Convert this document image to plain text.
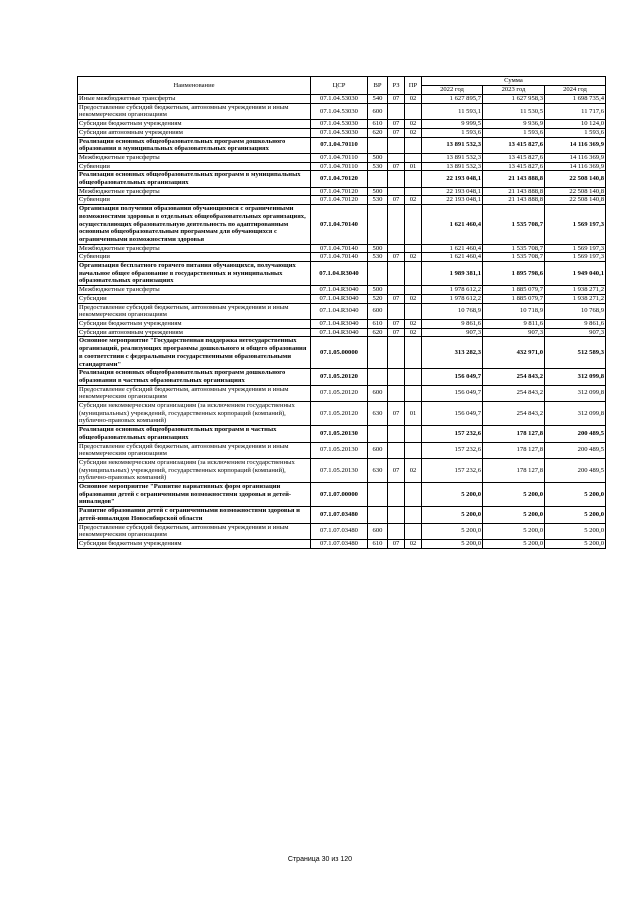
Наименование	ЦСР	ВР	РЗ	ПР	Сумма		
					2022 год	2023 год	2024 год
Иные межбюджетные трансферты	07.1.04.53030	540	07	02	1 627 895,7	1 627 958,3	1 698 735,4
Предоставление субсидий бюджетным, автономным учреждениям и иным некоммерческим организациям	07.1.04.53030	600			11 593,1	11 530,5	11 717,6
Субсидии бюджетным учреждениям	07.1.04.53030	610	07	02	9 999,5	9 936,9	10 124,0
Субсидии автономным учреждениям	07.1.04.53030	620	07	02	1 593,6	1 593,6	1 593,6
Реализация основных общеобразовательных программ дошкольного образования в муниципальных образовательных организациях	07.1.04.70110				13 891 532,3	13 415 827,6	14 116 369,9
Межбюджетные трансферты	07.1.04.70110	500			13 891 532,3	13 415 827,6	14 116 369,9
Субвенции	07.1.04.70110	530	07	01	13 891 532,3	13 415 827,6	14 116 369,9
Реализация основных общеобразовательных программ в муниципальных общеобразовательных организациях	07.1.04.70120				22 193 048,1	21 143 888,8	22 508 140,8
Межбюджетные трансферты	07.1.04.70120	500			22 193 048,1	21 143 888,8	22 508 140,8
Субвенции	07.1.04.70120	530	07	02	22 193 048,1	21 143 888,8	22 508 140,8
Организация получения образования обучающимися с ограниченными возможностями здоровья в отдельных общеобразовательных организациях, осуществляющих образовательную деятельность по адаптированным основным общеобразовательным программам для обучающихся с ограниченными возможностями здоровья	07.1.04.70140				1 621 460,4	1 535 708,7	1 569 197,3
Межбюджетные трансферты	07.1.04.70140	500			1 621 460,4	1 535 708,7	1 569 197,3
Субвенции	07.1.04.70140	530	07	02	1 621 460,4	1 535 708,7	1 569 197,3
Организация бесплатного горячего питания обучающихся, получающих начальное общее образование в государственных и муниципальных образовательных организациях	07.1.04.R3040				1 989 381,1	1 895 798,6	1 949 040,1
Межбюджетные трансферты	07.1.04.R3040	500			1 978 612,2	1 885 079,7	1 938 271,2
Субсидии	07.1.04.R3040	520	07	02	1 978 612,2	1 885 079,7	1 938 271,2
Предоставление субсидий бюджетным, автономным учреждениям и иным некоммерческим организациям	07.1.04.R3040	600			10 768,9	10 718,9	10 768,9
Субсидии бюджетным учреждениям	07.1.04.R3040	610	07	02	9 861,6	9 811,6	9 861,6
Субсидии автономным учреждениям	07.1.04.R3040	620	07	02	907,3	907,3	907,3
Основное мероприятие "Государственная поддержка негосударственных организаций, реализующих программы дошкольного и общего образования в соответствии с федеральными государственными образовательными стандартами"	07.1.05.00000				313 282,3	432 971,0	512 589,3
Реализация основных общеобразовательных программ дошкольного образования в частных образовательных организациях	07.1.05.20120				156 049,7	254 843,2	312 099,8
Предоставление субсидий бюджетным, автономным учреждениям и иным некоммерческим организациям	07.1.05.20120	600			156 049,7	254 843,2	312 099,8
Субсидии некоммерческим организациям (за исключением государственных (муниципальных) учреждений, государственных корпораций (компаний), публично-правовых компаний)	07.1.05.20120	630	07	01	156 049,7	254 843,2	312 099,8
Реализация основных общеобразовательных программ в частных общеобразовательных организациях	07.1.05.20130				157 232,6	178 127,8	200 489,5
Предоставление субсидий бюджетным, автономным учреждениям и иным некоммерческим организациям	07.1.05.20130	600			157 232,6	178 127,8	200 489,5
Субсидии некоммерческим организациям (за исключением государственных (муниципальных) учреждений, государственных корпораций (компаний), публично-правовых компаний)	07.1.05.20130	630	07	02	157 232,6	178 127,8	200 489,5
Основное мероприятие "Развитие вариативных форм организации образования детей с ограниченными возможностями здоровья и детей-инвалидов"	07.1.07.00000				5 200,0	5 200,0	5 200,0
Развитие образования детей с ограниченными возможностями здоровья и детей-инвалидов Новосибирской области	07.1.07.03480				5 200,0	5 200,0	5 200,0
Предоставление субсидий бюджетным, автономным учреждениям и иным некоммерческим организациям	07.1.07.03480	600			5 200,0	5 200,0	5 200,0
Субсидии бюджетным учреждениям	07.1.07.03480	610	07	02	5 200,0	5 200,0	5 200,0
Страница 30 из 120
